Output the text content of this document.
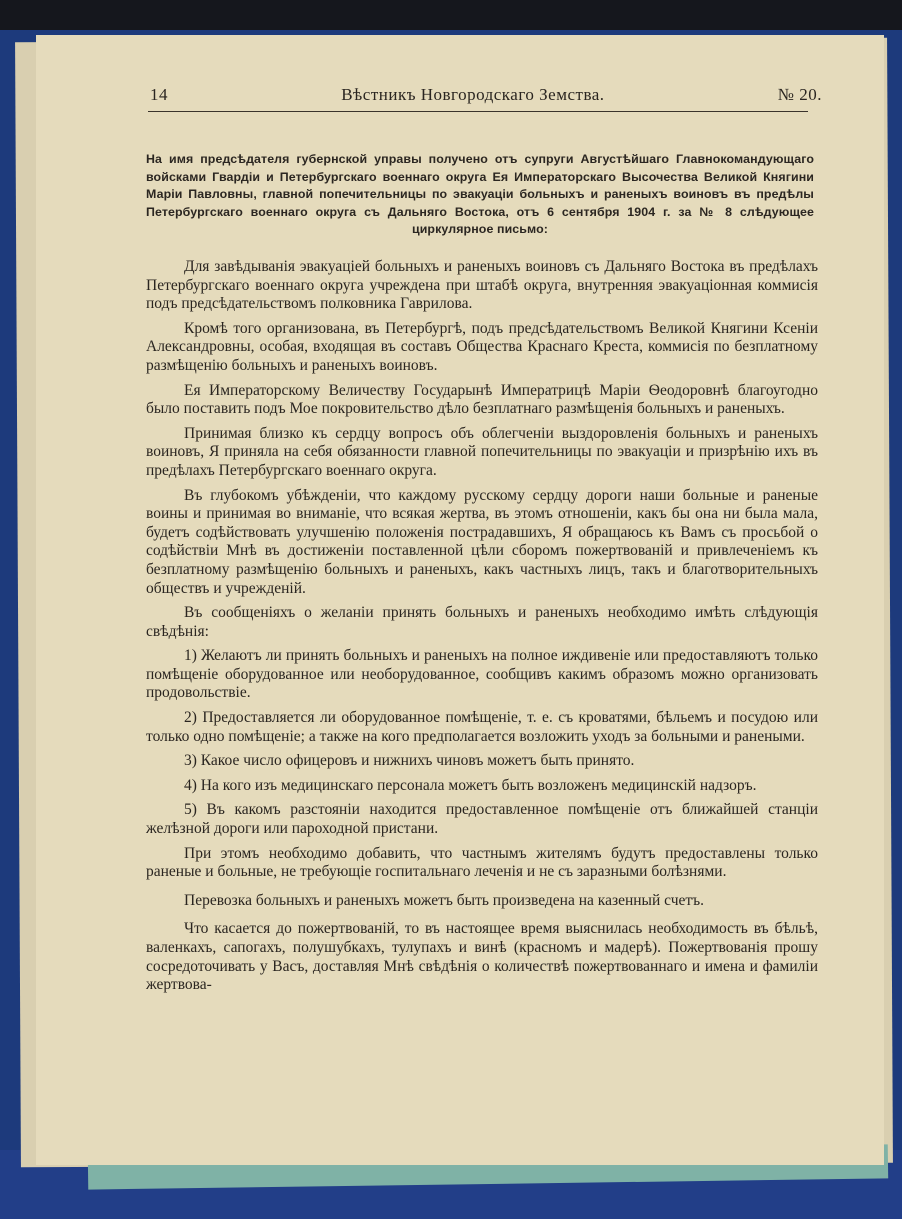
14	Вѣстникъ Новгородскаго Земства.	№ 20.
На имя предсѣдателя губернской управы получено отъ супруги Августѣйшаго Главнокомандующаго войсками Гвардіи и Петербургскаго военнаго округа Ея Императорскаго Высочества Великой Княгини Маріи Павловны, главной попечительницы по эвакуаціи больныхъ и раненыхъ воиновъ въ предѣлы Петербургскаго военнаго округа съ Дальняго Востока, отъ 6 сентября 1904 г. за № 8 слѣдующее циркулярное письмо:

Для завѣдыванія эвакуаціей больныхъ и раненыхъ воиновъ съ Дальняго Востока въ предѣлахъ Петербургскаго военнаго округа учреждена при штабѣ округа, внутренняя эвакуаціонная коммисія подъ предсѣдательствомъ полковника Гаврилова.

Кромѣ того организована, въ Петербургѣ, подъ предсѣдательствомъ Великой Княгини Ксеніи Александровны, особая, входящая въ составъ Общества Краснаго Креста, коммисія по безплатному размѣщенію больныхъ и раненыхъ воиновъ.

Ея Императорскому Величеству Государынѣ Императрицѣ Маріи Ѳеодоровнѣ благоугодно было поставить подъ Мое покровительство дѣло безплатнаго размѣщенія больныхъ и раненыхъ.

Принимая близко къ сердцу вопросъ объ облегченіи выздоровленія больныхъ и раненыхъ воиновъ, Я приняла на себя обязанности главной попечительницы по эвакуаціи и призрѣнію ихъ въ предѣлахъ Петербургскаго военнаго округа.

Въ глубокомъ убѣжденіи, что каждому русскому сердцу дороги наши больные и раненые воины и принимая во вниманіе, что всякая жертва, въ этомъ отношеніи, какъ бы она ни была мала, будетъ содѣйствовать улучшенію положенія пострадавшихъ, Я обращаюсь къ Вамъ съ просьбой о содѣйствіи Мнѣ въ достиженіи поставленной цѣли сборомъ пожертвованій и привлеченіемъ къ безплатному размѣщенію больныхъ и раненыхъ, какъ частныхъ лицъ, такъ и благотворительныхъ обществъ и учрежденій.

Въ сообщеніяхъ о желаніи принять больныхъ и раненыхъ необходимо имѣть слѣдующія свѣдѣнія:

1) Желаютъ ли принять больныхъ и раненыхъ на полное иждивеніе или предоставляютъ только помѣщеніе оборудованное или необорудованное, сообщивъ какимъ образомъ можно организовать продовольствіе.

2) Предоставляется ли оборудованное помѣщеніе, т. е. съ кроватями, бѣльемъ и посудою или только одно помѣщеніе; а также на кого предполагается возложить уходъ за больными и ранеными.

3) Какое число офицеровъ и нижнихъ чиновъ можетъ быть принято.

4) На кого изъ медицинскаго персонала можетъ быть возложенъ медицинскій надзоръ.

5) Въ какомъ разстояніи находится предоставленное помѣщеніе отъ ближайшей станціи желѣзной дороги или пароходной пристани.

При этомъ необходимо добавить, что частнымъ жителямъ будутъ предоставлены только раненые и больные, не требующіе госпитальнаго леченія и не съ заразными болѣзнями.

Перевозка больныхъ и раненыхъ можетъ быть произведена на казенный счетъ.

Что касается до пожертвованій, то въ настоящее время выяснилась необходимость въ бѣльѣ, валенкахъ, сапогахъ, полушубкахъ, тулупахъ и винѣ (красномъ и мадерѣ). Пожертвованія прошу сосредоточивать у Васъ, доставляя Мнѣ свѣдѣнія о количествѣ пожертвованнаго и имена и фамиліи жертвова-
